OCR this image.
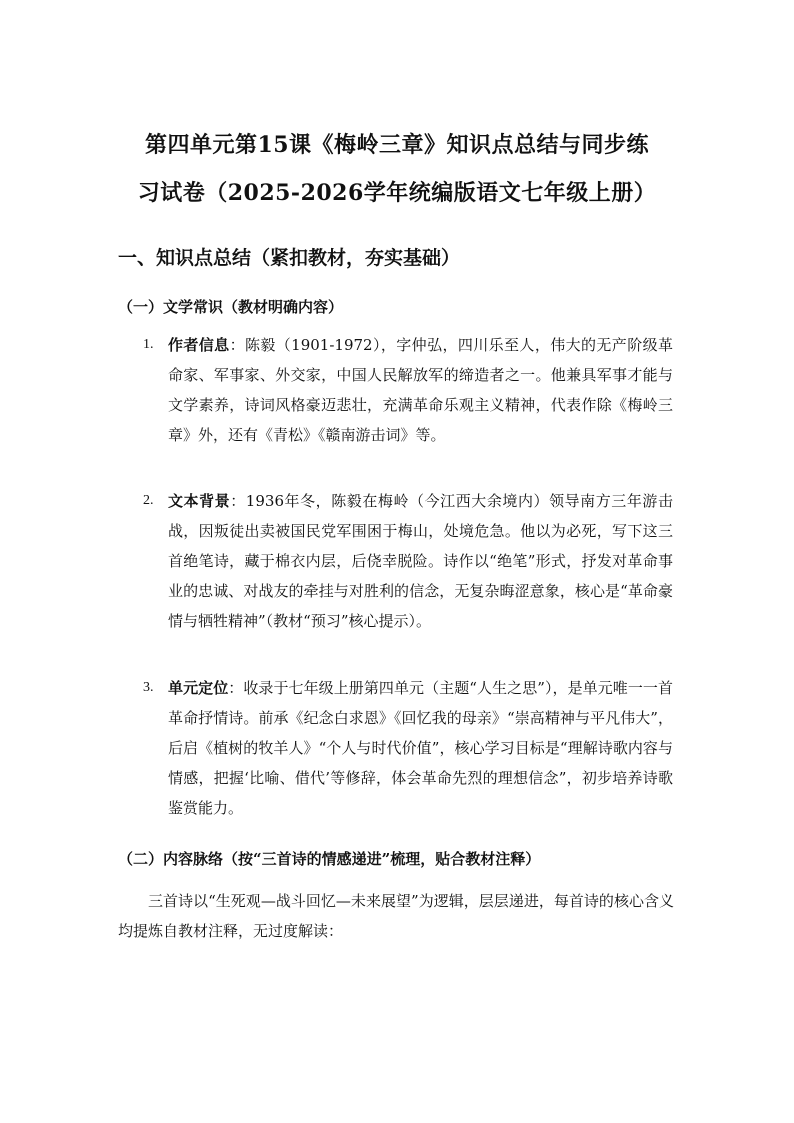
第四单元第15课《梅岭三章》知识点总结与同步练
习试卷（2025-2026学年统编版语文七年级上册）
一、知识点总结（紧扣教材，夯实基础）
（一）文学常识（教材明确内容）
1. 作者信息：陈毅（1901-1972），字仲弘，四川乐至人，伟大的无产阶级革命家、军事家、外交家，中国人民解放军的缔造者之一。他兼具军事才能与文学素养，诗词风格豪迈悲壮，充满革命乐观主义精神，代表作除《梅岭三章》外，还有《青松》《赣南游击词》等。
2. 文本背景：1936年冬，陈毅在梅岭（今江西大余境内）领导南方三年游击战，因叛徒出卖被国民党军围困于梅山，处境危急。他以为必死，写下这三首绝笔诗，藏于棉衣内层，后侥幸脱险。诗作以“绝笔”形式，抒发对革命事业的忠诚、对战友的牵挂与对胜利的信念，无复杂晦涩意象，核心是“革命豪情与牺牲精神”（教材“预习”核心提示）。
3. 单元定位：收录于七年级上册第四单元（主题“人生之思”），是单元唯一一首革命抒情诗。前承《纪念白求恩》《回忆我的母亲》“崇高精神与平凡伟大”，后启《植树的牧羊人》“个人与时代价值”，核心学习目标是“理解诗歌内容与情感，把握‘比喻、借代’等修辞，体会革命先烈的理想信念”，初步培养诗歌鉴赏能力。
（二）内容脉络（按“三首诗的情感递进”梳理，贴合教材注释）
三首诗以“生死观—战斗回忆—未来展望”为逻辑，层层递进，每首诗的核心含义均提炼自教材注释，无过度解读：
